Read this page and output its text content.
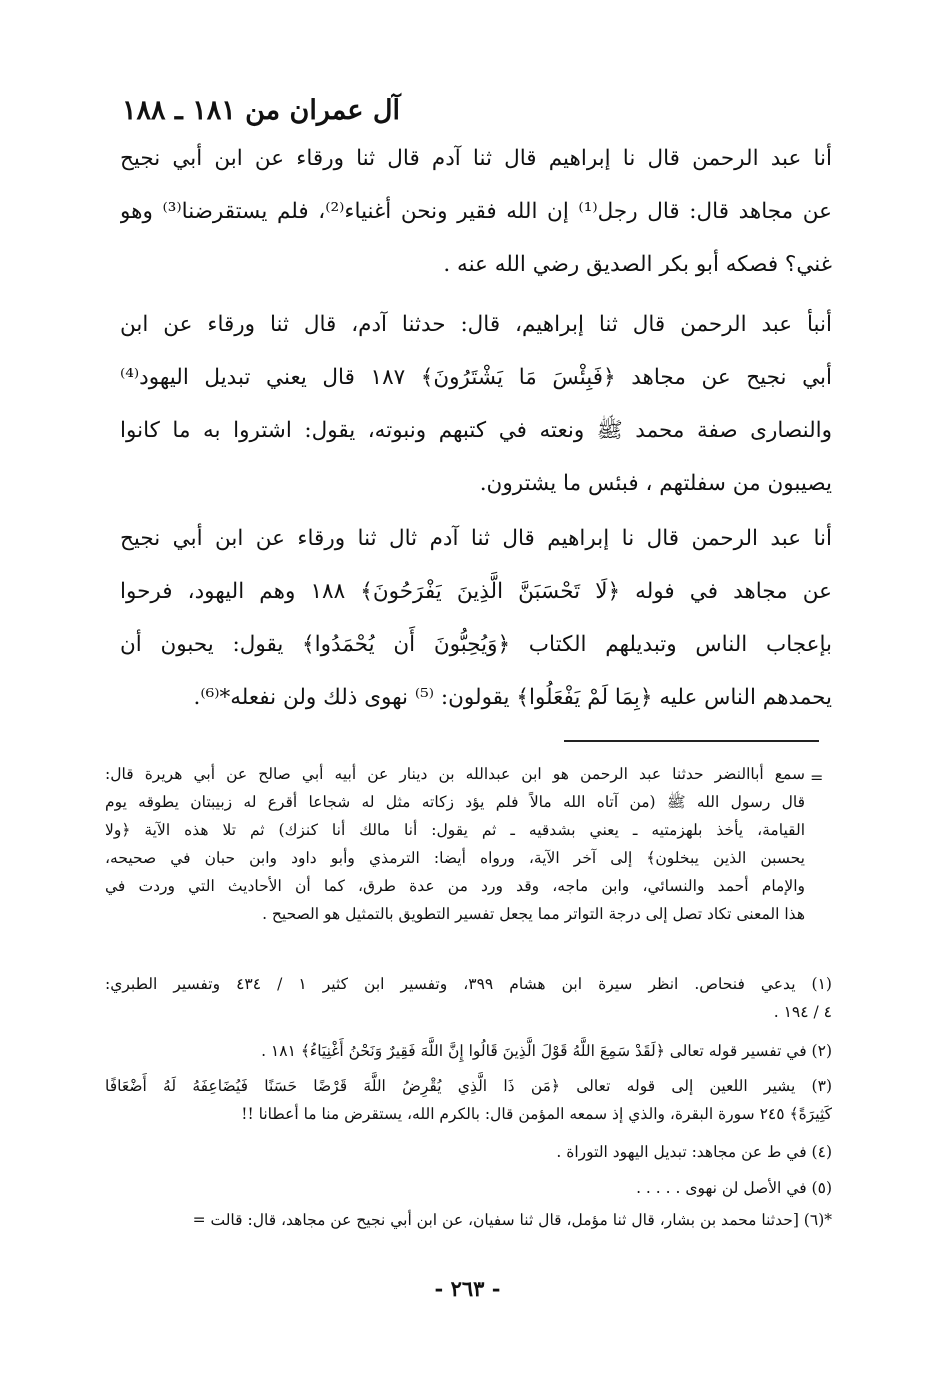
آل عمران من ١٨١ ـ ١٨٨
أنا عبد الرحمن قال نا إبراهيم قال ثنا آدم قال ثنا ورقاء عن ابن أبي نجيح
عن مجاهد قال: قال رجل⁽¹⁾ إن الله فقير ونحن أغنياء⁽²⁾، فلم يستقرضنا⁽³⁾ وهو
غني؟ فصكه أبو بكر الصديق رضي الله عنه .
أنبأ عبد الرحمن قال ثنا إبراهيم، قال: حدثنا آدم، قال ثنا ورقاء عن ابن
أبي نجيح عن مجاهد ﴿فَبِئْسَ مَا يَشْتَرُونَ﴾ ١٨٧ قال يعني تبديل اليهود⁽⁴⁾
والنصارى صفة محمد ﷺ ونعته في كتبهم ونبوته، يقول: اشتروا به ما كانوا
يصيبون من سفلتهم ، فبئس ما يشترون.
أنا عبد الرحمن قال نا إبراهيم قال ثنا آدم ثال ثنا ورقاء عن ابن أبي نجيح
عن مجاهد في فوله ﴿لَا تَحْسَبَنَّ الَّذِينَ يَفْرَحُونَ﴾ ١٨٨ وهم اليهود، فرحوا
بإعجاب الناس وتبديلهم الكتاب ﴿وَيُحِبُّونَ أَن يُحْمَدُوا﴾ يقول: يحبون أن
يحمدهم الناس عليه ﴿بِمَا لَمْ يَفْعَلُوا﴾ يقولون: ⁽⁵⁾ نهوى ذلك ولن نفعله*⁽⁶⁾.
=
سمع أباالنضر حدثنا عبد الرحمن هو ابن عبدالله بن دينار عن أبيه أبي صالح عن أبي هريرة قال:
قال رسول الله ﷺ (من آتاه الله مالاً فلم يؤد زكاته مثل له شجاعا أقرع له زبيبتان يطوقه يوم
القيامة، يأخذ بلهزمتيه ـ يعني بشدقيه ـ ثم يقول: أنا مالك أنا كنزك) ثم تلا هذه الآية ﴿ولا
يحسبن الذين يبخلون﴾ إلى آخر الآية، ورواه أيضا: الترمذي وأبو داود وابن حبان في صحيحه،
والإمام أحمد والنسائي، وابن ماجه، وقد ورد من عدة طرق، كما أن الأحاديث التي وردت في
هذا المعنى تكاد تصل إلى درجة التواتر مما يجعل تفسير التطويق بالتمثيل هو الصحيح .
(١) يدعي فنحاص. انظر سيرة ابن هشام ٣٩٩، وتفسير ابن كثير ١ / ٤٣٤ وتفسير الطبري:
٤ / ١٩٤ .
(٢) في تفسير قوله تعالى ﴿لَقَدْ سَمِعَ اللَّهُ قَوْلَ الَّذِينَ قَالُوا إِنَّ اللَّهَ فَقِيرٌ وَنَحْنُ أَغْنِيَاءُ﴾ ١٨١ .
(٣) يشير اللعين إلى قوله تعالى ﴿مَن ذَا الَّذِي يُقْرِضُ اللَّهَ قَرْضًا حَسَنًا فَيُضَاعِفَهُ لَهُ أَضْعَافًا
كَثِيرَةً﴾ ٢٤٥ سورة البقرة، والذي إذ سمعه المؤمن قال: بالكرم الله، يستقرض منا ما أعطانا !!
(٤) في ط عن مجاهد: تبديل اليهود التوراة .
(٥) في الأصل لن نهوى . . . . .
*(٦) [حدثنا محمد بن بشار، قال ثنا مؤمل، قال ثنا سفيان، عن ابن أبي نجيح عن مجاهد، قال: قالت =
- ٢٦٣ -
